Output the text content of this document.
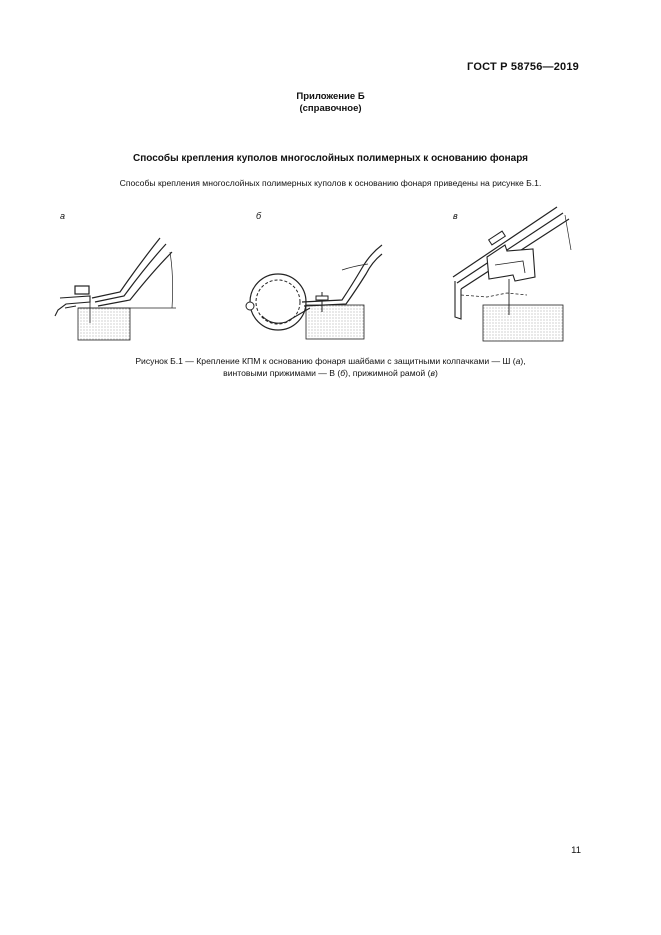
ГОСТ Р 58756—2019
Приложение Б
(справочное)
Способы крепления куполов многослойных полимерных к основанию фонаря
Способы крепления многослойных полимерных куполов к основанию фонаря приведены на рисунке Б.1.
а	б	в
Рисунок Б.1 — Крепление КПМ к основанию фонаря шайбами с защитными колпачками — Ш (а),
винтовыми прижимами — В (б), прижимной рамой (в)
11
